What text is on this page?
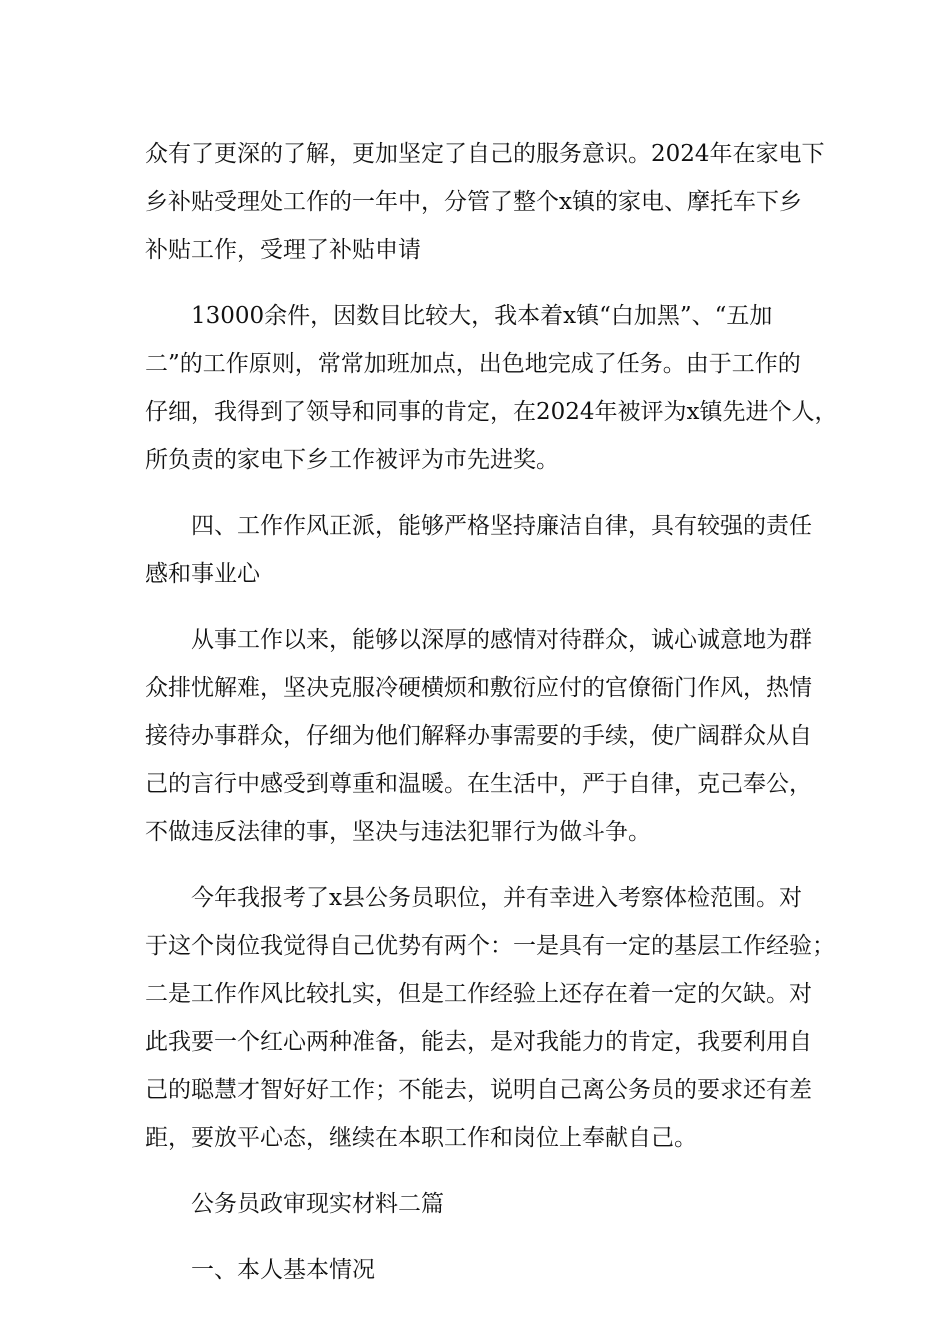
众有了更深的了解，更加坚定了自己的服务意识。2024年在家电下
乡补贴受理处工作的一年中，分管了整个x镇的家电、摩托车下乡
补贴工作，受理了补贴申请
13000余件，因数目比较大，我本着x镇“白加黑”、“五加
二”的工作原则，常常加班加点，出色地完成了任务。由于工作的
仔细，我得到了领导和同事的肯定，在2024年被评为x镇先进个人，
所负责的家电下乡工作被评为市先进奖。
四、工作作风正派，能够严格坚持廉洁自律，具有较强的责任
感和事业心
从事工作以来，能够以深厚的感情对待群众，诚心诚意地为群
众排忧解难，坚决克服冷硬横烦和敷衍应付的官僚衙门作风，热情
接待办事群众，仔细为他们解释办事需要的手续，使广阔群众从自
己的言行中感受到尊重和温暖。在生活中，严于自律，克己奉公，
不做违反法律的事，坚决与违法犯罪行为做斗争。
今年我报考了x县公务员职位，并有幸进入考察体检范围。对
于这个岗位我觉得自己优势有两个：一是具有一定的基层工作经验；
二是工作作风比较扎实，但是工作经验上还存在着一定的欠缺。对
此我要一个红心两种准备，能去，是对我能力的肯定，我要利用自
己的聪慧才智好好工作；不能去，说明自己离公务员的要求还有差
距，要放平心态，继续在本职工作和岗位上奉献自己。
公务员政审现实材料二篇
一、本人基本情况
